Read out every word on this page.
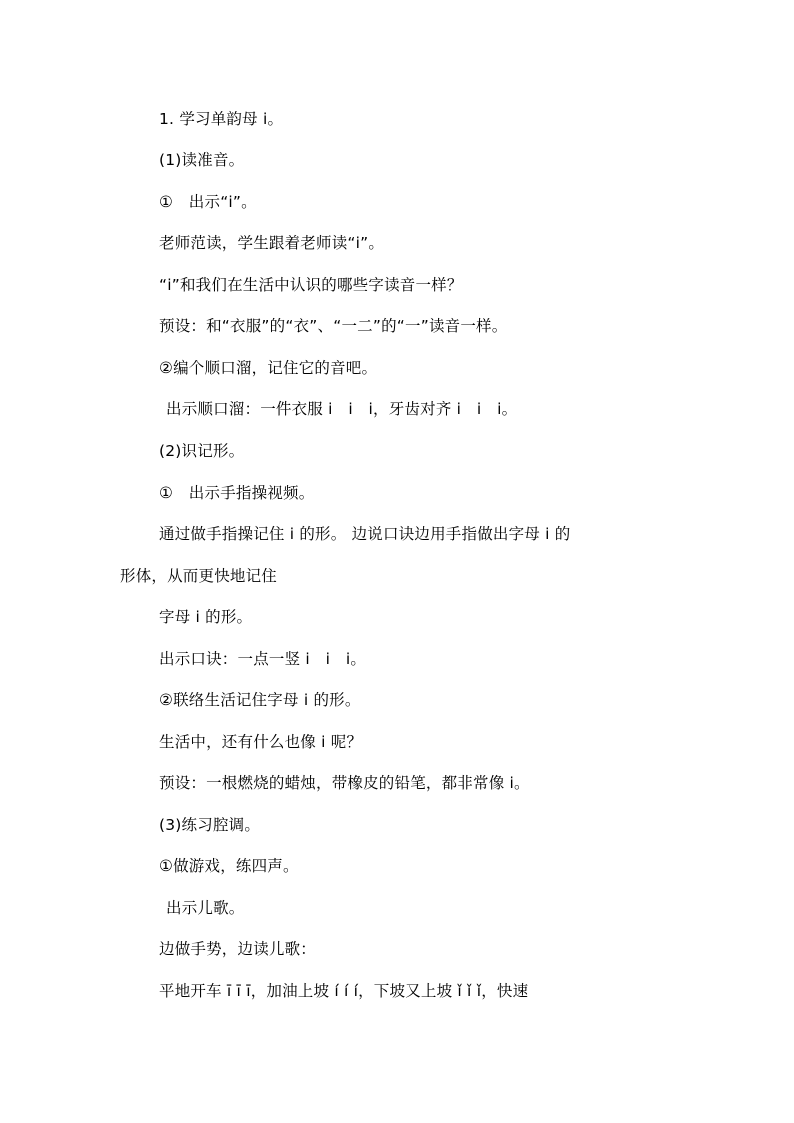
1. 学习单韵母 i。

(1)读准音。

①　出示“i”。

老师范读，学生跟着老师读“i”。

“i”和我们在生活中认识的哪些字读音一样？

预设：和“衣服”的“衣”、“一二”的“一”读音一样。

②编个顺口溜，记住它的音吧。

出示顺口溜：一件衣服 i　i　i，牙齿对齐 i　i　i。

(2)识记形。

①　出示手指操视频。

通过做手指操记住 i 的形。 边说口诀边用手指做出字母 i 的

形体，从而更快地记住

字母 i 的形。

出示口诀：一点一竖 i　i　i。

②联络生活记住字母 i 的形。

生活中，还有什么也像 i 呢？

预设：一根燃烧的蜡烛，带橡皮的铅笔，都非常像 i。

(3)练习腔调。

①做游戏，练四声。

出示儿歌。

边做手势，边读儿歌：

平地开车 ī ī ī，加油上坡 í í í，下坡又上坡 ǐ ǐ ǐ，快速
